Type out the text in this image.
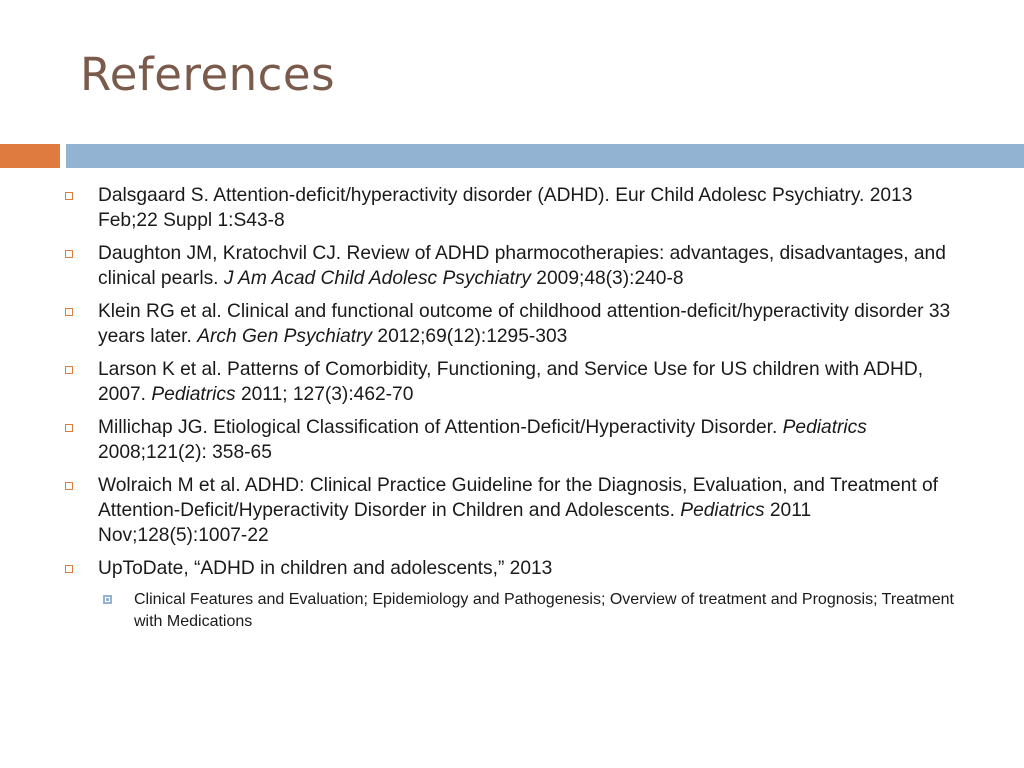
References
Dalsgaard S. Attention-deficit/hyperactivity disorder (ADHD). Eur Child Adolesc Psychiatry. 2013 Feb;22 Suppl 1:S43-8
Daughton JM, Kratochvil CJ. Review of ADHD pharmocotherapies: advantages, disadvantages, and clinical pearls. J Am Acad Child Adolesc Psychiatry 2009;48(3):240-8
Klein RG et al. Clinical and functional outcome of childhood attention-deficit/hyperactivity disorder 33 years later. Arch Gen Psychiatry 2012;69(12):1295-303
Larson K et al. Patterns of Comorbidity, Functioning, and Service Use for US children with ADHD, 2007. Pediatrics 2011; 127(3):462-70
Millichap JG. Etiological Classification of Attention-Deficit/Hyperactivity Disorder. Pediatrics 2008;121(2): 358-65
Wolraich M et al. ADHD: Clinical Practice Guideline for the Diagnosis, Evaluation, and Treatment of Attention-Deficit/Hyperactivity Disorder in Children and Adolescents. Pediatrics 2011 Nov;128(5):1007-22
UpToDate, “ADHD in children and adolescents,” 2013
Clinical Features and Evaluation; Epidemiology and Pathogenesis; Overview of treatment and Prognosis; Treatment with Medications
